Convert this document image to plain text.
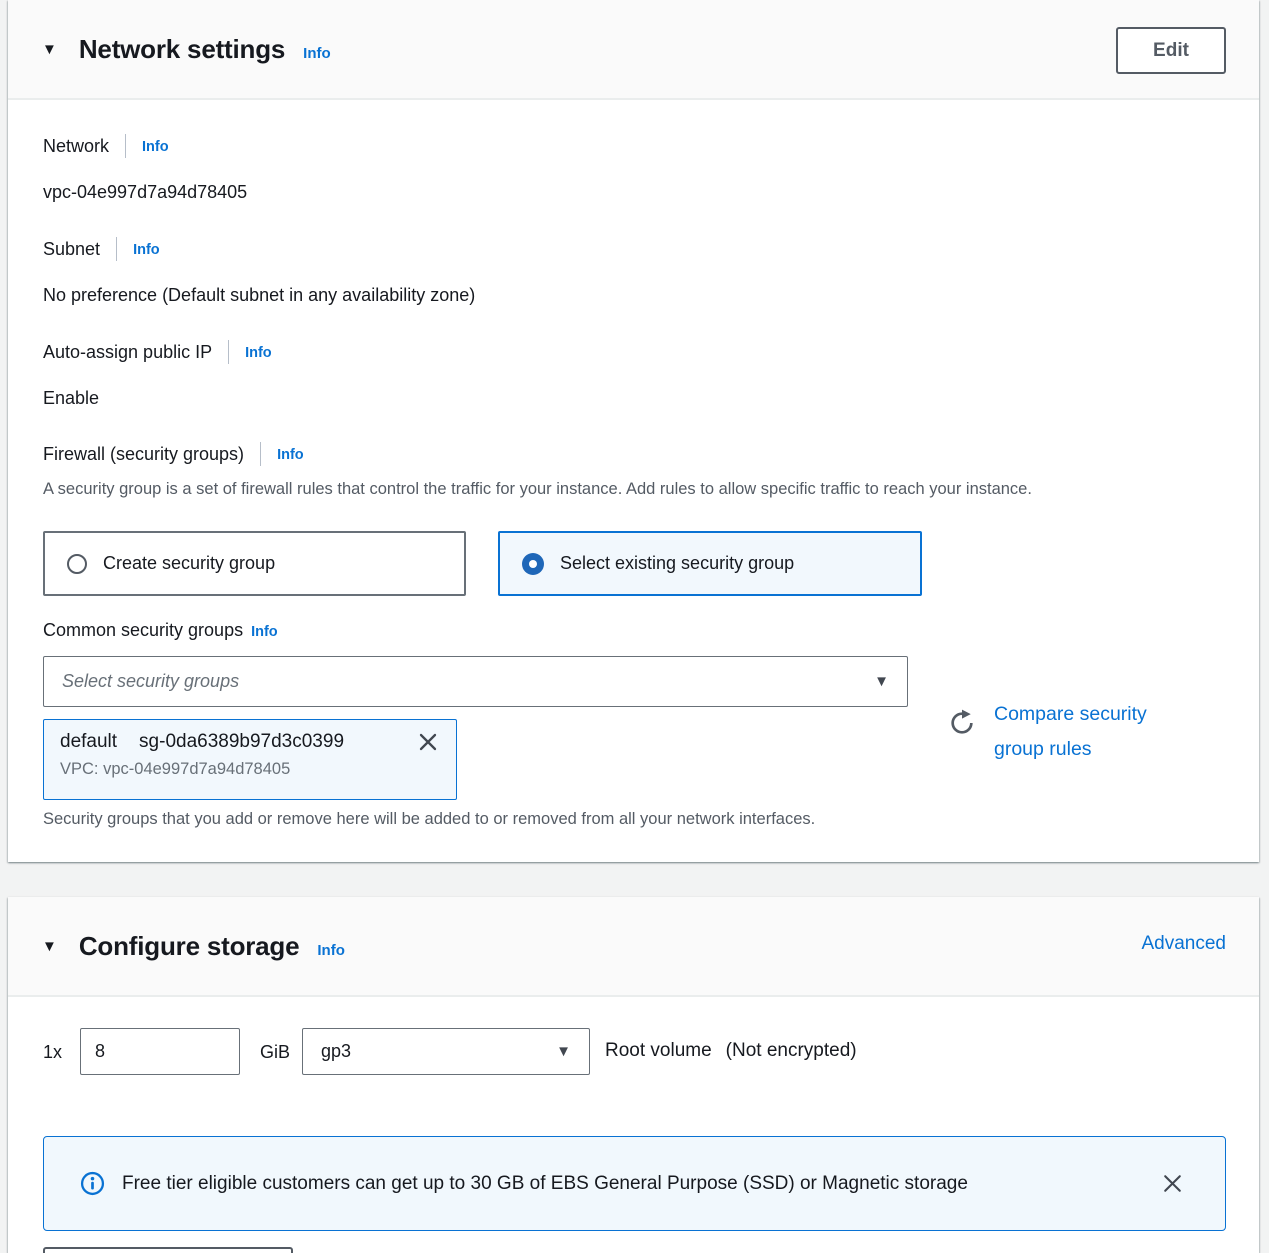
▼ Network settings Info	Edit
Network Info
vpc-04e997d7a94d78405
Subnet Info
No preference (Default subnet in any availability zone)
Auto-assign public IP Info
Enable
Firewall (security groups) Info
A security group is a set of firewall rules that control the traffic for your instance. Add rules to allow specific traffic to reach your instance.
Create security group	Select existing security group
Common security groups Info
Select security groups	▼
default sg-0da6389b97d3c0399
VPC: vpc-04e997d7a94d78405
Compare security group rules
Security groups that you add or remove here will be added to or removed from all your network interfaces.
▼ Configure storage Info	Advanced
1x
8	GiB gp3	▼ Root volume (Not encrypted)
Free tier eligible customers can get up to 30 GB of EBS General Purpose (SSD) or Magnetic storage
